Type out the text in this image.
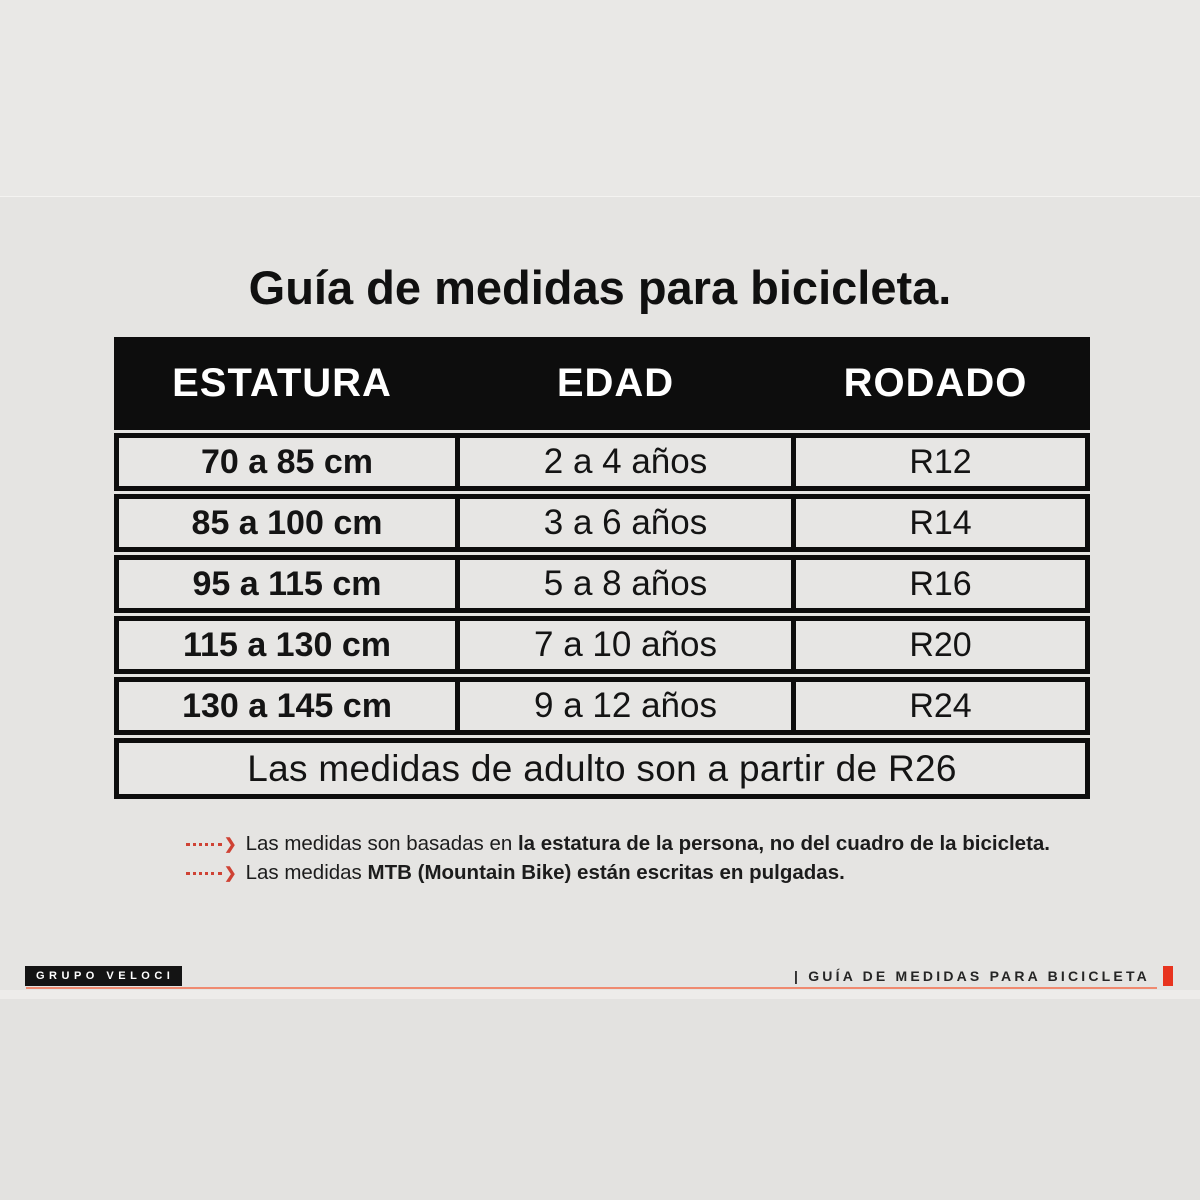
Guía de medidas para bicicleta.
ESTATURA	EDAD	RODADO
70 a 85 cm	2 a 4 años	R12
85 a 100 cm	3 a 6 años	R14
95 a 115 cm	5 a 8 años	R16
115 a 130 cm	7 a 10 años	R20
130 a 145 cm	9 a 12 años	R24
Las medidas de adulto son a partir de R26
❯ Las medidas son basadas en la estatura de la persona, no del cuadro de la bicicleta.
❯ Las medidas MTB (Mountain Bike) están escritas en pulgadas.
GRUPO VELOCI	| GUÍA DE MEDIDAS PARA BICICLETA
